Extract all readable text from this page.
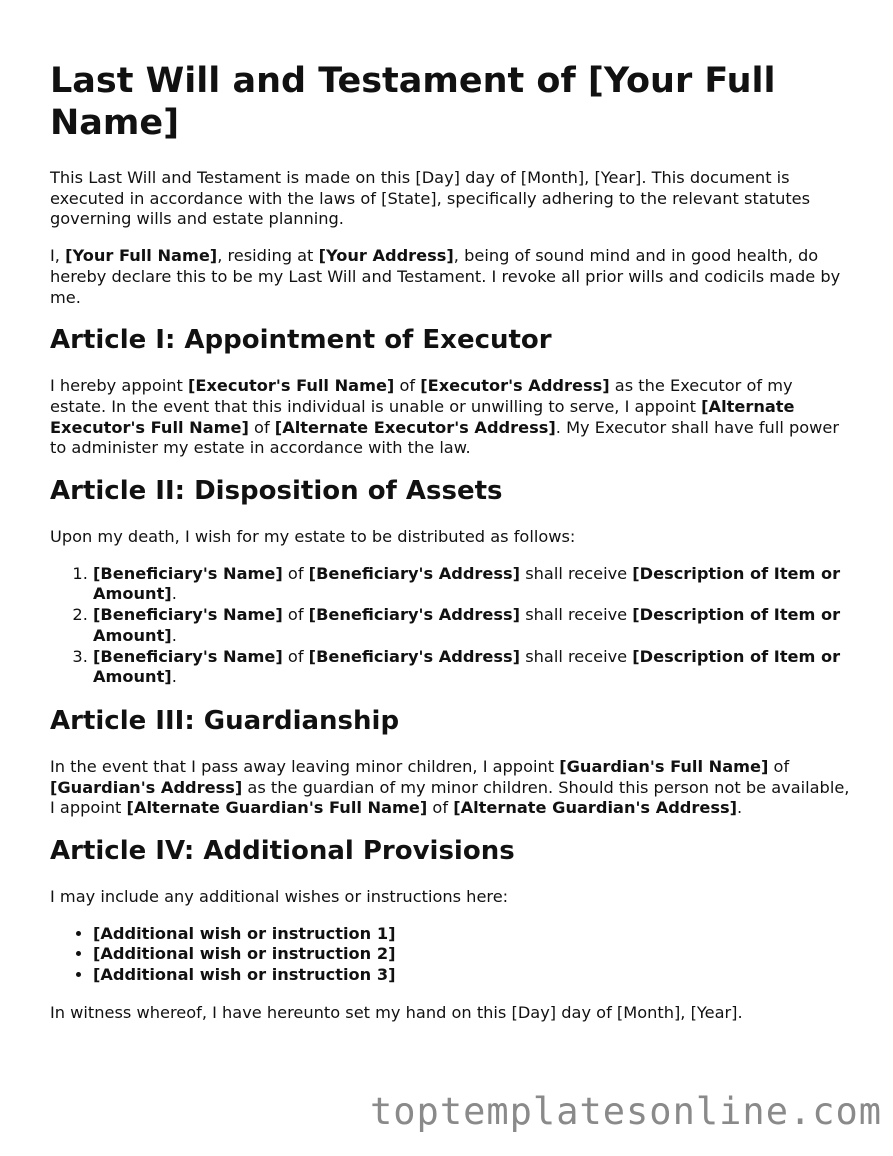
Last Will and Testament of [Your Full Name]

This Last Will and Testament is made on this [Day] day of [Month], [Year]. This document is executed in accordance with the laws of [State], specifically adhering to the relevant statutes governing wills and estate planning.

I, [Your Full Name], residing at [Your Address], being of sound mind and in good health, do hereby declare this to be my Last Will and Testament. I revoke all prior wills and codicils made by me.

Article I: Appointment of Executor

I hereby appoint [Executor's Full Name] of [Executor's Address] as the Executor of my estate. In the event that this individual is unable or unwilling to serve, I appoint [Alternate Executor's Full Name] of [Alternate Executor's Address]. My Executor shall have full power to administer my estate in accordance with the law.

Article II: Disposition of Assets

Upon my death, I wish for my estate to be distributed as follows:

1. [Beneficiary's Name] of [Beneficiary's Address] shall receive [Description of Item or Amount].
2. [Beneficiary's Name] of [Beneficiary's Address] shall receive [Description of Item or Amount].
3. [Beneficiary's Name] of [Beneficiary's Address] shall receive [Description of Item or Amount].
Article III: Guardianship

In the event that I pass away leaving minor children, I appoint [Guardian's Full Name] of [Guardian's Address] as the guardian of my minor children. Should this person not be available, I appoint [Alternate Guardian's Full Name] of [Alternate Guardian's Address].

Article IV: Additional Provisions

I may include any additional wishes or instructions here:

• [Additional wish or instruction 1]
• [Additional wish or instruction 2]
• [Additional wish or instruction 3]

In witness whereof, I have hereunto set my hand on this [Day] day of [Month], [Year].

toptemplatesonline.com
